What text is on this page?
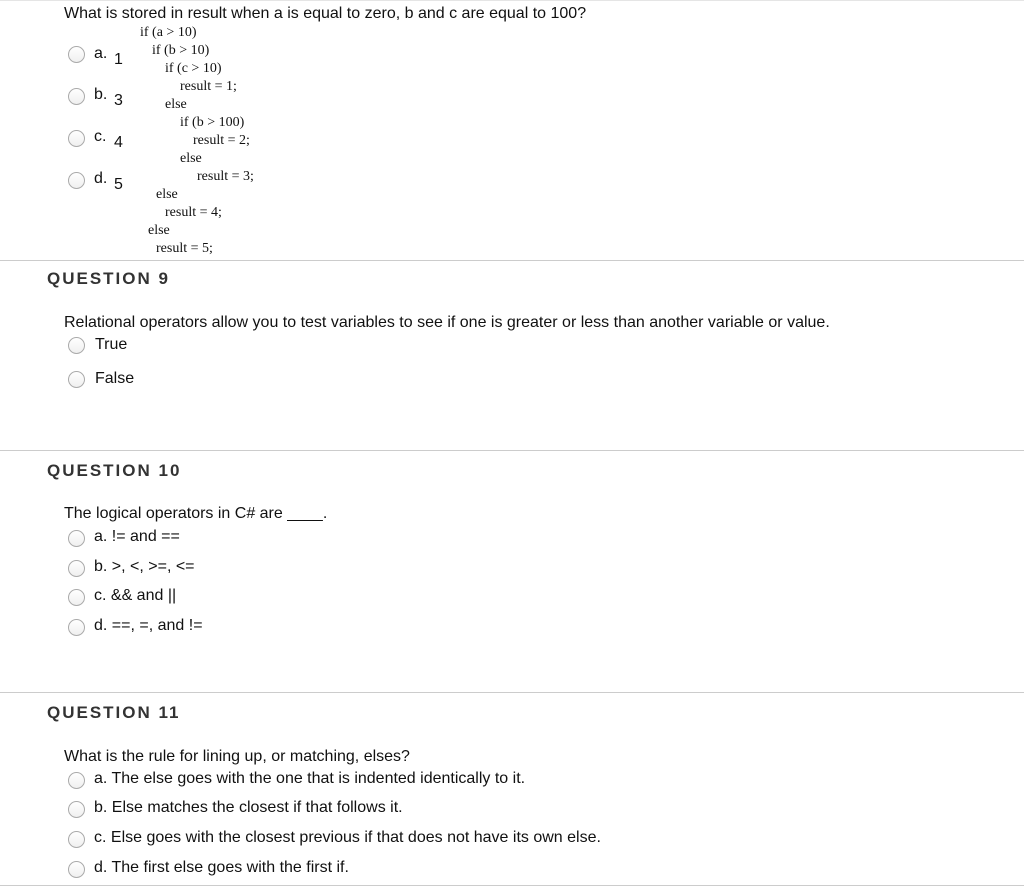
What is stored in result when a is equal to zero, b and c are equal to 100?
if (a > 10)
if (b > 10)
if (c > 10)
result = 1;
else
if (b > 100)
result = 2;
else
result = 3;
else
result = 4;
else
result = 5;
a. 1
b. 3
c. 4
d. 5
QUESTION 9
Relational operators allow you to test variables to see if one is greater or less than another variable or value.
True
False
QUESTION 10
The logical operators in C# are ____.
a. != and ==
b. >, <, >=, <=
c. && and ||
d. ==, =, and !=
QUESTION 11
What is the rule for lining up, or matching, elses?
a. The else goes with the one that is indented identically to it.
b. Else matches the closest if that follows it.
c. Else goes with the closest previous if that does not have its own else.
d. The first else goes with the first if.
